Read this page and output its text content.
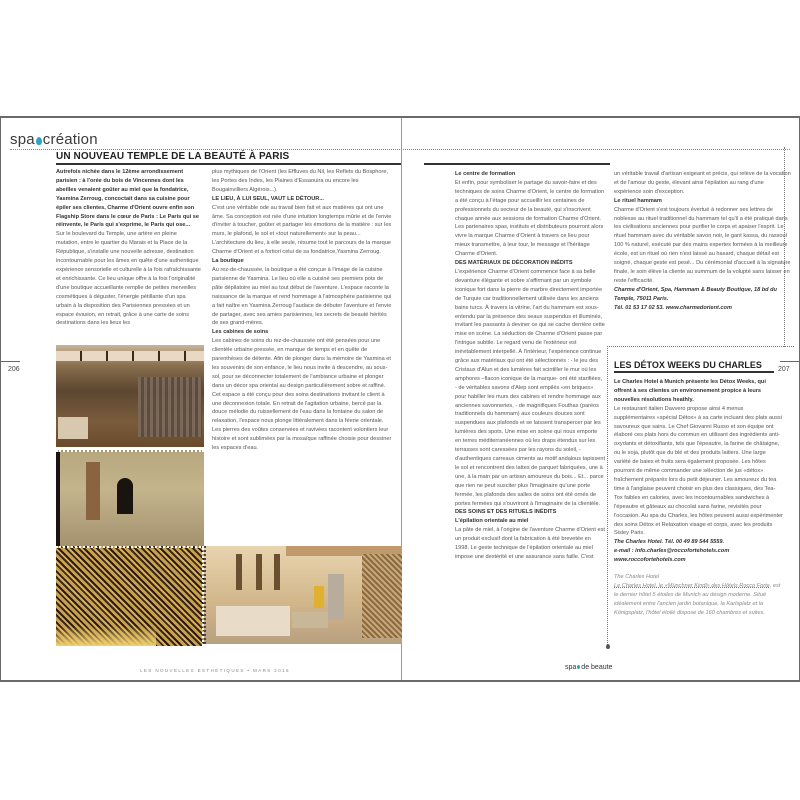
spa création
UN NOUVEAU TEMPLE DE LA BEAUTÉ À PARIS
206	207

Autrefois nichée dans le 12ème arrondissement parisien : à l'orée du bois de Vincennes dont les abeilles venaient goûter au miel que la fondatrice, Yasmina Zerroug, concoctait dans sa cuisine pour épiler ses clientes, Charme d'Orient ouvre enfin son Flagship Store dans le cœur de Paris : Le Paris qui se réinvente, le Paris qui s'exprime, le Paris qui ose...

Sur le boulevard du Temple, une artère en pleine mutation, entre le quartier du Marais et la Place de la République, s'installe une nouvelle adresse, destination incontournable pour les âmes en quête d'une authentique expérience sensorielle et culturelle à la fois rafraîchissante et enrichissante. Ce lieu unique offre à la fois l'originalité d'une boutique accueillante remplie de petites merveilles cosmétiques à déguster, l'énergie pétillante d'un spa urbain à la disposition des Parisiennes pressées et un espace évasion, en retrait, grâce à une carte de soins destinations dans les lieux les

plus mythiques de l'Orient (les Effluves du Nil, les Reflets du Bosphore, les Portes des Indes, les Plaines d'Essaouira ou encore les Bougainvilliers Algérois...).

LE LIEU, À LUI SEUL, VAUT LE DÉTOUR...

C'est une véritable ode au travail bien fait et aux matières qui ont une âme. Sa conception est née d'une intuition longtemps mûrie et de l'envie d'inviter à toucher, goûter et partager les émotions de la matière : sur les murs, le plafond, le sol et «tout naturellement» sur la peau... L'architecture du lieu, à elle seule, résume tout le parcours de la marque Charme d'Orient et a fortiori celui de sa fondatrice,Yasmina Zerroug.

La boutique

Au rez-de-chaussée, la boutique a été conçue à l'image de la cuisine parisienne de Yasmina. Le lieu où elle a cuisiné ses premiers pots de pâte dépilatoire au miel au tout début de l'aventure. L'espace raconte la naissance de la marque et rend hommage à l'atmosphère parisienne qui a fait naître en Yasmina Zerroug l'audace de débuter l'aventure et l'envie de partager, avec ses amies parisiennes, les secrets de beauté hérités de ses grand-mères.

Les cabines de soins

Les cabines de soins du rez-de-chaussée ont été pensées pour une clientèle urbaine pressée, en manque de temps et en quête de parenthèses de détente. Afin de plonger dans la mémoire de Yasmina et les souvenirs de son enfance, le lieu nous invite à descendre, au sous-sol, pour se déconnecter totalement de l'ambiance urbaine et plonger dans un décor spa oriental au design particulièrement sobre et raffiné. Cet espace a été conçu pour des soins destinations invitant le client à une déconnexion totale. En retrait de l'agitation urbaine, bercé par la douce mélodie du ruissellement de l'eau dans la fontaine du salon de relaxation, l'espace nous plonge littéralement dans la féerie orientale. Les pierres des voûtes conservées et ravivées racontent volontiers leur histoire et sont sublimées par la mosaïque raffinée choisie pour dessiner les espaces d'eau.

Le centre de formation

Et enfin, pour symboliser le partage du savoir-faire et des techniques de soins Charme d'Orient, le centre de formation a été conçu à l'étage pour accueillir les centaines de professionnels du secteur de la beauté, qui s'inscrivent chaque année aux sessions de formation Charme d'Orient. Les partenaires spas, instituts et distributeurs pourront alors vivre la marque Charme d'Orient à travers ce lieu pour mieux transmettre, à leur tour, le message et l'héritage Charme d'Orient.

DES MATÉRIAUX DE DÉCORATION INÉDITS

L'expérience Charme d'Orient commence face à sa belle devanture élégante et sobre s'affirmant par un symbole iconique fort dans la pierre de marbre directement importée de Turquie car traditionnellement utilisée dans les anciens bains turcs. À travers la vitrine, l'art du hammam est sous-entendu par la présence des seaux suspendus et illuminés, invitant les passants à deviner ce qui se cache derrière cette mise en scène. La séduction de Charme d'Orient passe par l'intrigue subtile. Le regard venu de l'extérieur est inévitablement interpellé. À l'intérieur, l'expérience continue grâce aux matériaux qui ont été sélectionnés : - le jeu des Cristaux d'Alun et des lumières fait scintiller le mur où les amphores –flacon iconique de la marque- ont été starifiées, - de véritables savons d'Alep sont empilés «en briques» pour habiller les murs des cabines et rendre hommage aux anciennes savonneries, - de magnifiques Fouthas (paréos traditionnels du hammam) aux couleurs douces sont suspendues aux plafonds et se laissent transpercer par les lumières des spots. Une mise en scène qui nous emporte en terres méditerranéennes où les draps étendus sur les terrasses sont caressées par les rayons du soleil, - d'authentiques carreaux ciments au motif andalous tapissent le sol et rencontrent des lattes de parquet fabriquées, une à une, à la main par un artisan amoureux du bois... Et... parce que rien ne peut susciter plus l'imaginaire qu'une porte fermée, les plafonds des salles de soins ont été ornés de portes fermées qui s'ouvriront à l'imaginaire de la clientèle.

DES SOINS ET DES RITUELS INÉDITS

L'épilation orientale au miel

La pâte de miel, à l'origine de l'aventure Charme d'Orient est un produit exclusif dont la fabrication à été brevetée en 1998. Le geste technique de l'épilation orientale au miel impose une dextérité et une assurance sans faille. C'est

un véritable travail d'artisan exigeant et précis, qui relève de la vocation et de l'amour du geste, élevant ainsi l'épilation au rang d'une expérience soin d'exception.

Le rituel hammam

Charme d'Orient s'est toujours évertué à redonner ses lettres de noblesse au rituel traditionnel du hammam tel qu'il a été pratiqué dans les civilisations anciennes pour purifier le corps et apaiser l'esprit. Le rituel hammam avec du véritable savon noir, le gant kassa, du rassoul 100 % naturel, exécuté par des mains expertes formées à la meilleure école, est un rituel où rien n'est laissé au hasard, chaque détail est soigné, chaque geste est pesé... Du cérémonial d'accueil à la signature finale, le soin élève la cliente au summum de la volupté sans laisser en reste l'efficacité.

Charme d'Orient, Spa, Hammam & Beauty Boutique, 18 bd du Temple, 75011 Paris.

Tél. 01 53 17 02 53. www.charmedorient.com

LES DÉTOX WEEKS DU CHARLES

Le Charles Hotel à Munich présente les Détox Weeks, qui offrent à ses clientes un environnement propice à leurs nouvelles résolutions heathly.

Le restaurant italien Davvero propose ainsi 4 menus supplémentaires «spécial Détox» à sa carte incluant des plats aussi savoureux que sains. Le Chef Giovanni Russo et son équipe ont élaboré ces plats hors du commun en utilisant des ingrédients anti-oxydants et détoxifiants, tels que l'épeautre, la farine de châtaigne, ou le soja, plutôt que du blé et des produits laitiers. Une large variété de baies et fruits sera également proposée. Les hôtes pourront de même commander une sélection de jus «détox» fraîchement préparés lors du petit déjeuner. Les amoureux du tea time à l'anglaise peuvent choisir en plus des classiques, des Tea-Tox faibles en calories, avec les incontournables sandwiches à l'épeautre et gâteaux au chocolat sans farine, revisités pour l'occasion. Au spa du Charles, les hôtes peuvent aussi expérimenter des soins Détox et Relaxation visage et corps, avec les produits Sisley Paris.

The Charles Hotel. Tél. 00 49 89 544 5559.

e-mail : info.charles@roccofortehotels.com

www.roccofortehotels.com

The Charles Hotel

Le Charles Hotel, le «Münchner Kindl» des Hôtels Rocco Forte, est le dernier hôtel 5 étoiles de Munich au design moderne. Situé idéalement entre l'ancien jardin botanique, la Karlsplatz et la Königsplatz, l'hôtel étoilé dispose de 160 chambres et suites.

LES NOUVELLES ESTHÉTIQUES • MARS 2015	spa de beaute
